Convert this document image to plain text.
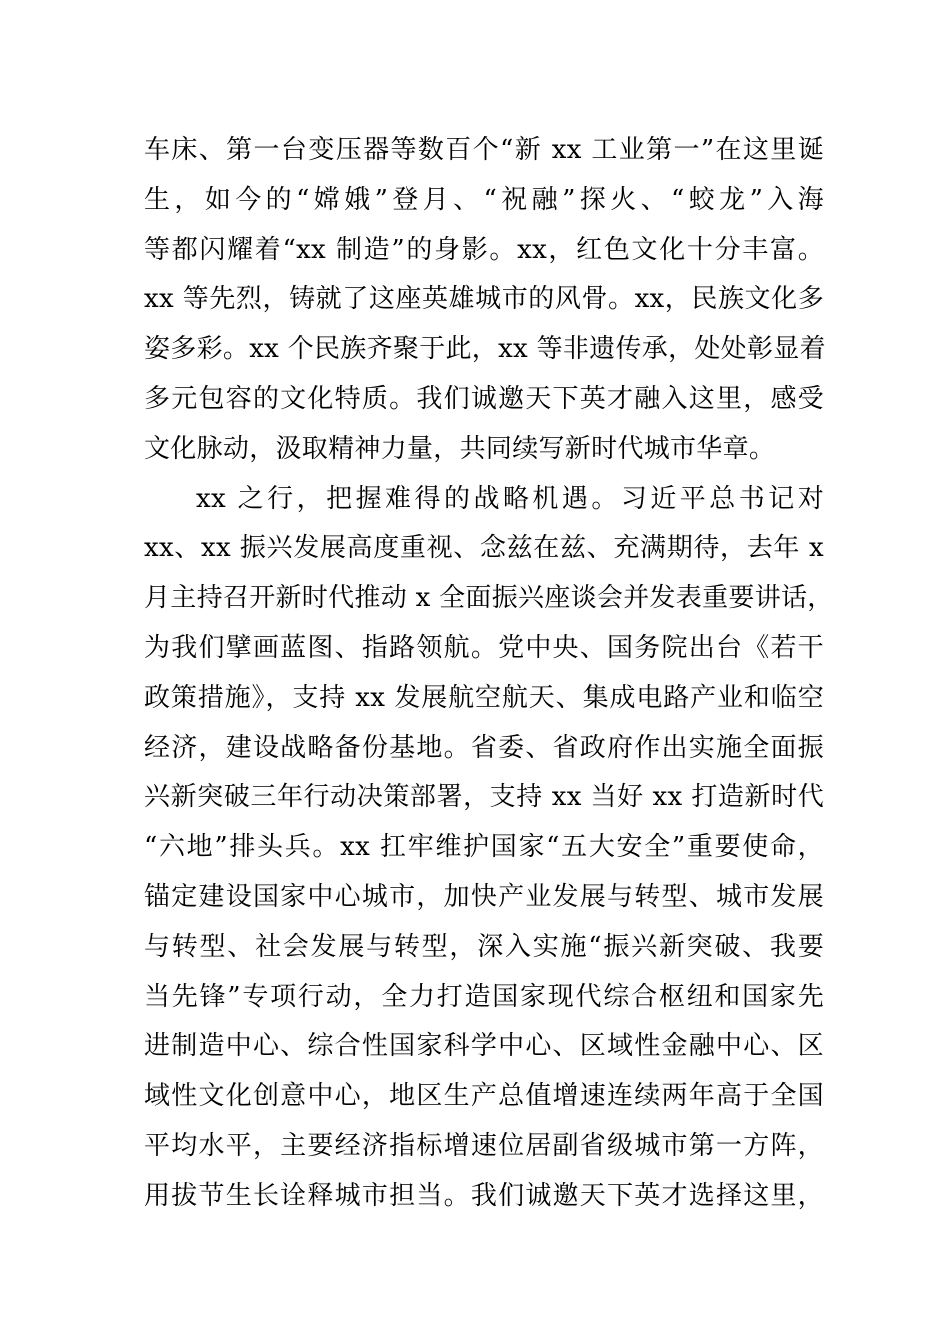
车床、第一台变压器等数百个“新 xx 工业第一”在这里诞
生，如今的“嫦娥”登月、“祝融”探火、“蛟龙”入海
等都闪耀着“xx 制造”的身影。xx，红色文化十分丰富。
xx 等先烈，铸就了这座英雄城市的风骨。xx，民族文化多
姿多彩。xx 个民族齐聚于此，xx 等非遗传承，处处彰显着
多元包容的文化特质。我们诚邀天下英才融入这里，感受
文化脉动，汲取精神力量，共同续写新时代城市华章。
xx 之行，把握难得的战略机遇。习近平总书记对
xx、xx 振兴发展高度重视、念兹在兹、充满期待，去年 x
月主持召开新时代推动 x 全面振兴座谈会并发表重要讲话，
为我们擘画蓝图、指路领航。党中央、国务院出台《若干
政策措施》，支持 xx 发展航空航天、集成电路产业和临空
经济，建设战略备份基地。省委、省政府作出实施全面振
兴新突破三年行动决策部署，支持 xx 当好 xx 打造新时代
“六地”排头兵。xx 扛牢维护国家“五大安全”重要使命，
锚定建设国家中心城市，加快产业发展与转型、城市发展
与转型、社会发展与转型，深入实施“振兴新突破、我要
当先锋”专项行动，全力打造国家现代综合枢纽和国家先
进制造中心、综合性国家科学中心、区域性金融中心、区
域性文化创意中心，地区生产总值增速连续两年高于全国
平均水平，主要经济指标增速位居副省级城市第一方阵，
用拔节生长诠释城市担当。我们诚邀天下英才选择这里，
